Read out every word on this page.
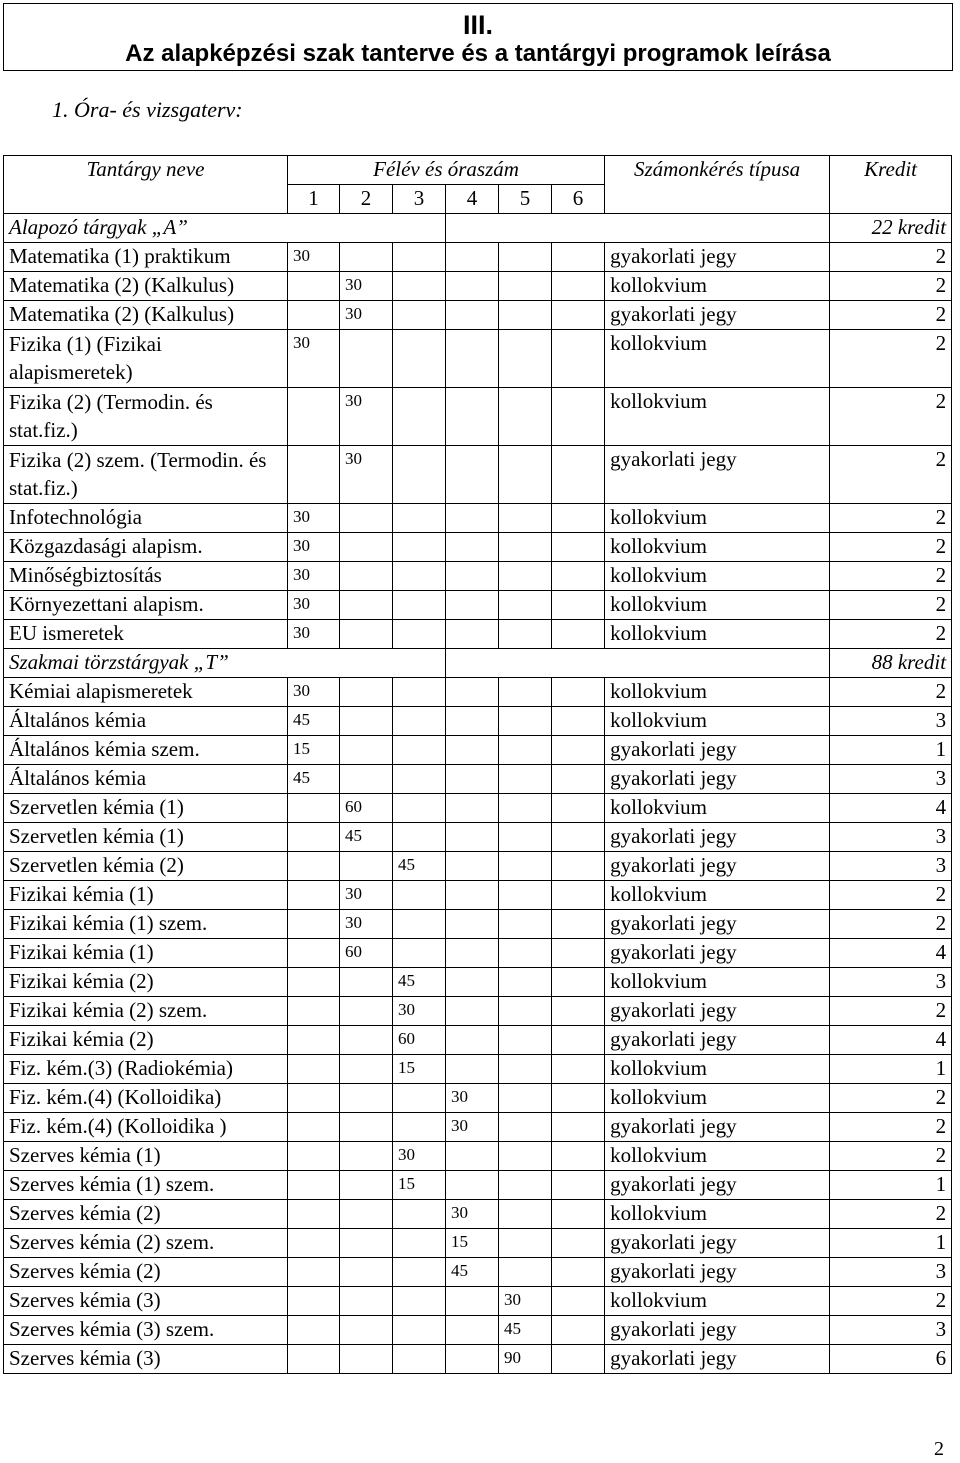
III.
Az alapképzési szak tanterve és a tantárgyi programok leírása
1. Óra- és vizsgaterv:
Tantárgy neve	Félév és óraszám						Számonkérés típusa	Kredit
	1	2	3	4	5	6		
Alapozó tárgyak „A”								22 kredit
Matematika (1) praktikum	30						gyakorlati jegy	2
Matematika (2) (Kalkulus)		30					kollokvium	2
Matematika (2) (Kalkulus)		30					gyakorlati jegy	2
Fizika (1) (Fizikai alapismeretek)	30						kollokvium	2
Fizika (2) (Termodin. és stat.fiz.)		30					kollokvium	2
Fizika (2) szem. (Termodin. és stat.fiz.)		30					gyakorlati jegy	2
Infotechnológia	30						kollokvium	2
Közgazdasági alapism.	30						kollokvium	2
Minőségbiztosítás	30						kollokvium	2
Környezettani alapism.	30						kollokvium	2
EU ismeretek	30						kollokvium	2
Szakmai törzstárgyak „T”								88 kredit
Kémiai alapismeretek	30						kollokvium	2
Általános kémia	45						kollokvium	3
Általános kémia szem.	15						gyakorlati jegy	1
Általános kémia	45						gyakorlati jegy	3
Szervetlen kémia (1)		60					kollokvium	4
Szervetlen kémia (1)		45					gyakorlati jegy	3
Szervetlen kémia (2)			45				gyakorlati jegy	3
Fizikai kémia (1)		30					kollokvium	2
Fizikai kémia (1) szem.		30					gyakorlati jegy	2
Fizikai kémia (1)		60					gyakorlati jegy	4
Fizikai kémia (2)			45				kollokvium	3
Fizikai kémia (2) szem.			30				gyakorlati jegy	2
Fizikai kémia (2)			60				gyakorlati jegy	4
Fiz. kém.(3) (Radiokémia)			15				kollokvium	1
Fiz. kém.(4) (Kolloidika)				30			kollokvium	2
Fiz. kém.(4) (Kolloidika )				30			gyakorlati jegy	2
Szerves kémia (1)			30				kollokvium	2
Szerves kémia (1) szem.			15				gyakorlati jegy	1
Szerves kémia (2)				30			kollokvium	2
Szerves kémia (2) szem.				15			gyakorlati jegy	1
Szerves kémia (2)				45			gyakorlati jegy	3
Szerves kémia (3)					30		kollokvium	2
Szerves kémia (3) szem.					45		gyakorlati jegy	3
Szerves kémia (3)					90		gyakorlati jegy	6
2
